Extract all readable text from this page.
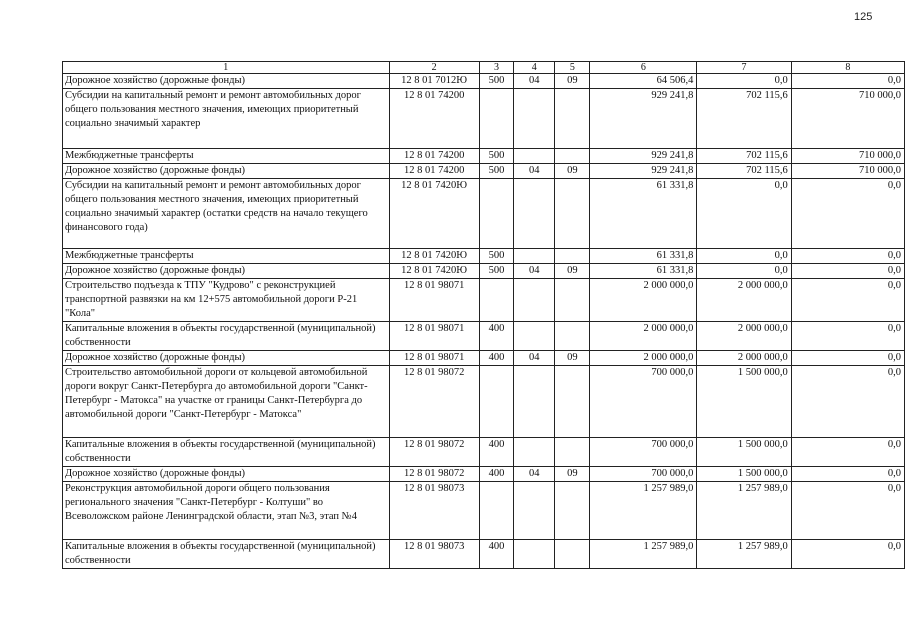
125
1	2	3	4	5	6	7	8
Дорожное хозяйство (дорожные фонды)	12 8 01 7012Ю	500	04	09	64 506,4	0,0	0,0
Субсидии на капитальный ремонт и ремонт автомобильных дорог общего пользования местного значения, имеющих приоритетный социально значимый характер	12 8 01 74200				929 241,8	702 115,6	710 000,0
Межбюджетные трансферты	12 8 01 74200	500			929 241,8	702 115,6	710 000,0
Дорожное хозяйство (дорожные фонды)	12 8 01 74200	500	04	09	929 241,8	702 115,6	710 000,0
Субсидии на капитальный ремонт и ремонт автомобильных дорог общего пользования местного значения, имеющих приоритетный социально значимый характер (остатки средств на начало текущего финансового года)	12 8 01 7420Ю				61 331,8	0,0	0,0
Межбюджетные трансферты	12 8 01 7420Ю	500			61 331,8	0,0	0,0
Дорожное хозяйство (дорожные фонды)	12 8 01 7420Ю	500	04	09	61 331,8	0,0	0,0
Строительство подъезда к ТПУ "Кудрово" с реконструкцией транспортной развязки на км 12+575 автомобильной дороги Р-21 "Кола"	12 8 01 98071				2 000 000,0	2 000 000,0	0,0
Капитальные вложения в объекты государственной (муниципальной) собственности	12 8 01 98071	400			2 000 000,0	2 000 000,0	0,0
Дорожное хозяйство (дорожные фонды)	12 8 01 98071	400	04	09	2 000 000,0	2 000 000,0	0,0
Строительство автомобильной дороги от кольцевой автомобильной дороги вокруг Санкт-Петербурга до автомобильной дороги "Санкт-Петербург - Матокса" на участке от границы Санкт-Петербурга до автомобильной дороги "Санкт-Петербург - Матокса"	12 8 01 98072				700 000,0	1 500 000,0	0,0
Капитальные вложения в объекты государственной (муниципальной) собственности	12 8 01 98072	400			700 000,0	1 500 000,0	0,0
Дорожное хозяйство (дорожные фонды)	12 8 01 98072	400	04	09	700 000,0	1 500 000,0	0,0
Реконструкция автомобильной дороги общего пользования регионального значения "Санкт-Петербург - Колтуши" во Всеволожском районе Ленинградской области, этап №3, этап №4	12 8 01 98073				1 257 989,0	1 257 989,0	0,0
Капитальные вложения в объекты государственной (муниципальной) собственности	12 8 01 98073	400			1 257 989,0	1 257 989,0	0,0
